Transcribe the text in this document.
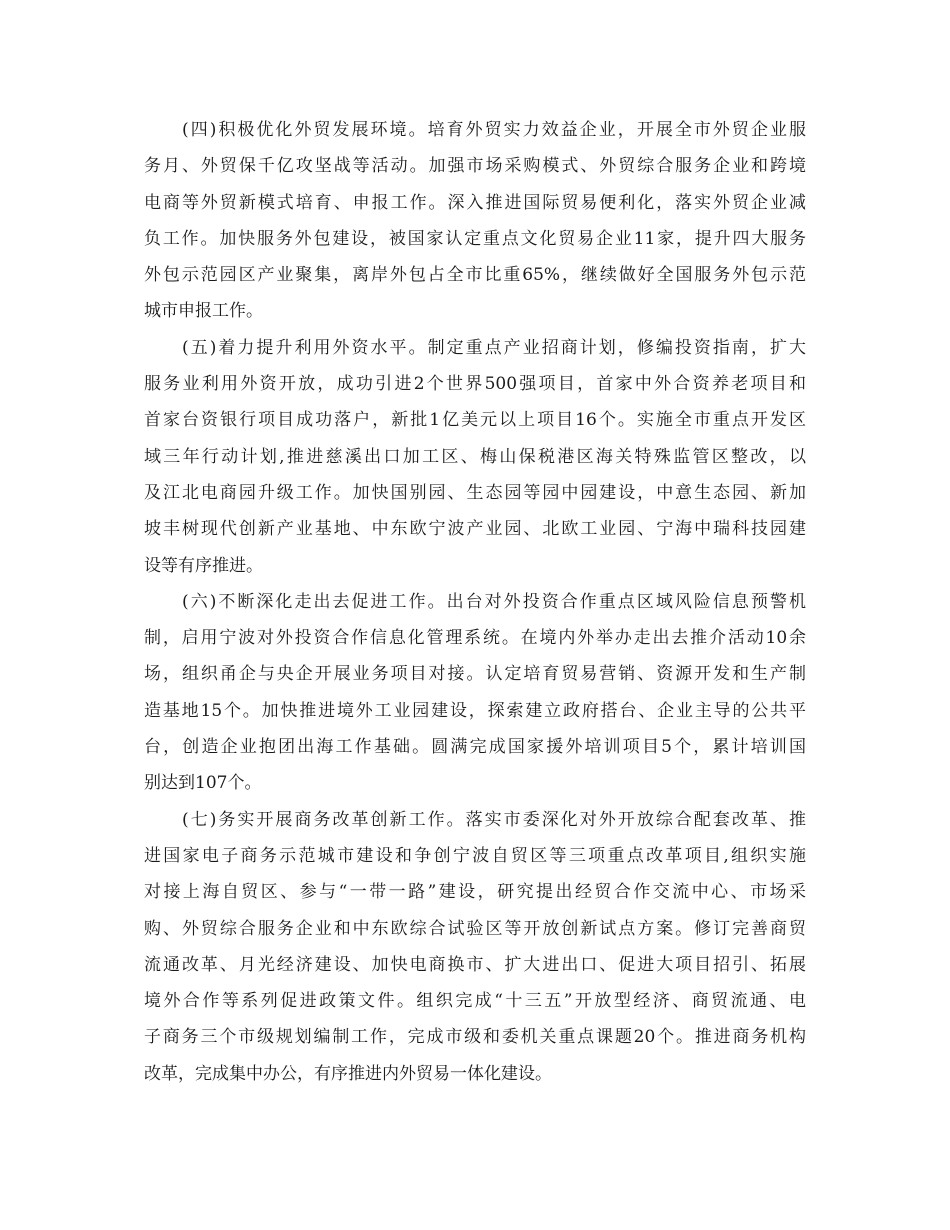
　　(四)积极优化外贸发展环境。培育外贸实力效益企业，开展全市外贸企业服
务月、外贸保千亿攻坚战等活动。加强市场采购模式、外贸综合服务企业和跨境
电商等外贸新模式培育、申报工作。深入推进国际贸易便利化，落实外贸企业减
负工作。加快服务外包建设，被国家认定重点文化贸易企业11家，提升四大服务
外包示范园区产业聚集，离岸外包占全市比重65%，继续做好全国服务外包示范
城市申报工作。
　　(五)着力提升利用外资水平。制定重点产业招商计划，修编投资指南，扩大
服务业利用外资开放，成功引进2个世界500强项目，首家中外合资养老项目和
首家台资银行项目成功落户，新批1亿美元以上项目16个。实施全市重点开发区
域三年行动计划,推进慈溪出口加工区、梅山保税港区海关特殊监管区整改，以
及江北电商园升级工作。加快国别园、生态园等园中园建设，中意生态园、新加
坡丰树现代创新产业基地、中东欧宁波产业园、北欧工业园、宁海中瑞科技园建
设等有序推进。
　　(六)不断深化走出去促进工作。出台对外投资合作重点区域风险信息预警机
制，启用宁波对外投资合作信息化管理系统。在境内外举办走出去推介活动10余
场，组织甬企与央企开展业务项目对接。认定培育贸易营销、资源开发和生产制
造基地15个。加快推进境外工业园建设，探索建立政府搭台、企业主导的公共平
台，创造企业抱团出海工作基础。圆满完成国家援外培训项目5个，累计培训国
别达到107个。
　　(七)务实开展商务改革创新工作。落实市委深化对外开放综合配套改革、推
进国家电子商务示范城市建设和争创宁波自贸区等三项重点改革项目,组织实施
对接上海自贸区、参与“一带一路”建设，研究提出经贸合作交流中心、市场采
购、外贸综合服务企业和中东欧综合试验区等开放创新试点方案。修订完善商贸
流通改革、月光经济建设、加快电商换市、扩大进出口、促进大项目招引、拓展
境外合作等系列促进政策文件。组织完成“十三五”开放型经济、商贸流通、电
子商务三个市级规划编制工作，完成市级和委机关重点课题20个。推进商务机构
改革，完成集中办公，有序推进内外贸易一体化建设。
